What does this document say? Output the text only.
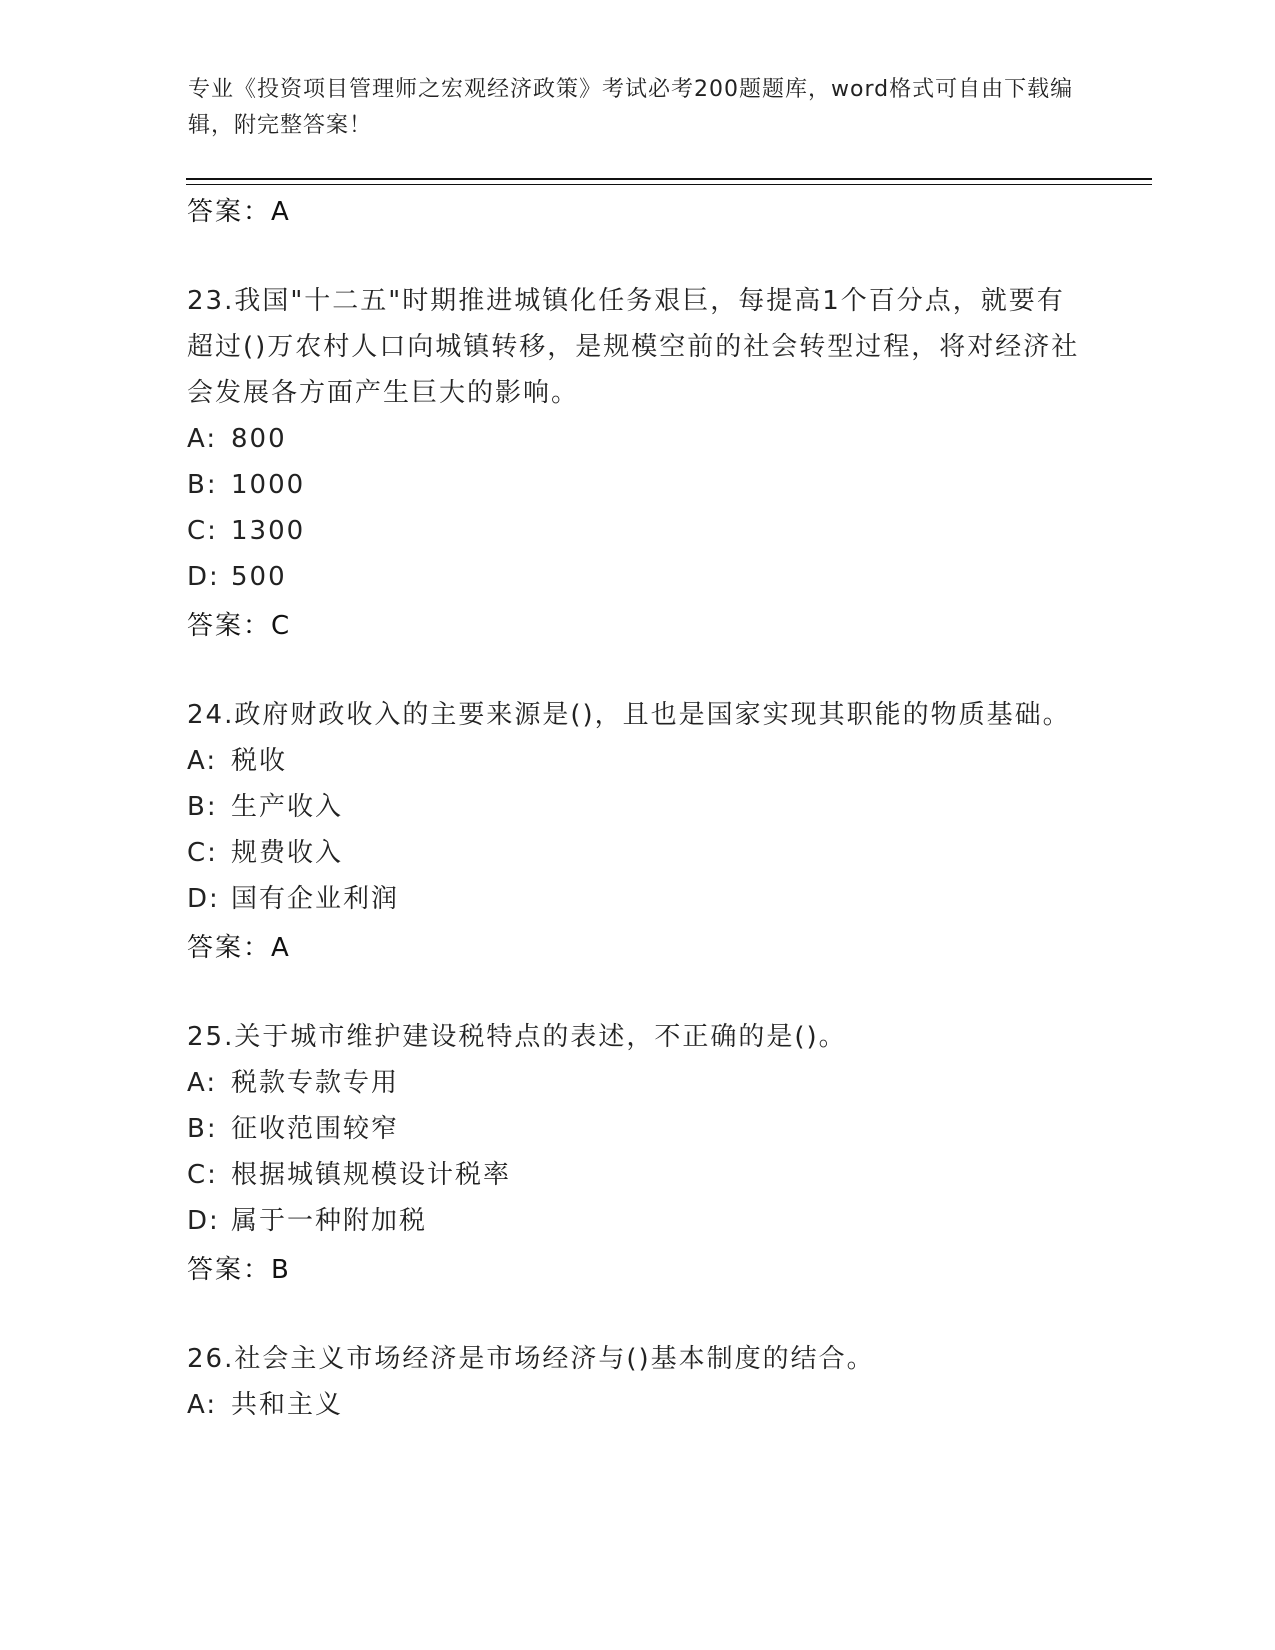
专业《投资项目管理师之宏观经济政策》考试必考200题题库，word格式可自由下载编辑，附完整答案！
答案：A
23.我国"十二五"时期推进城镇化任务艰巨，每提高1个百分点，就要有超过()万农村人口向城镇转移，是规模空前的社会转型过程，将对经济社会发展各方面产生巨大的影响。
A: 800
B: 1000
C: 1300
D: 500
答案：C
24.政府财政收入的主要来源是()，且也是国家实现其职能的物质基础。
A: 税收
B: 生产收入
C: 规费收入
D: 国有企业利润
答案：A
25.关于城市维护建设税特点的表述，不正确的是()。
A: 税款专款专用
B: 征收范围较窄
C: 根据城镇规模设计税率
D: 属于一种附加税
答案：B
26.社会主义市场经济是市场经济与()基本制度的结合。
A: 共和主义
